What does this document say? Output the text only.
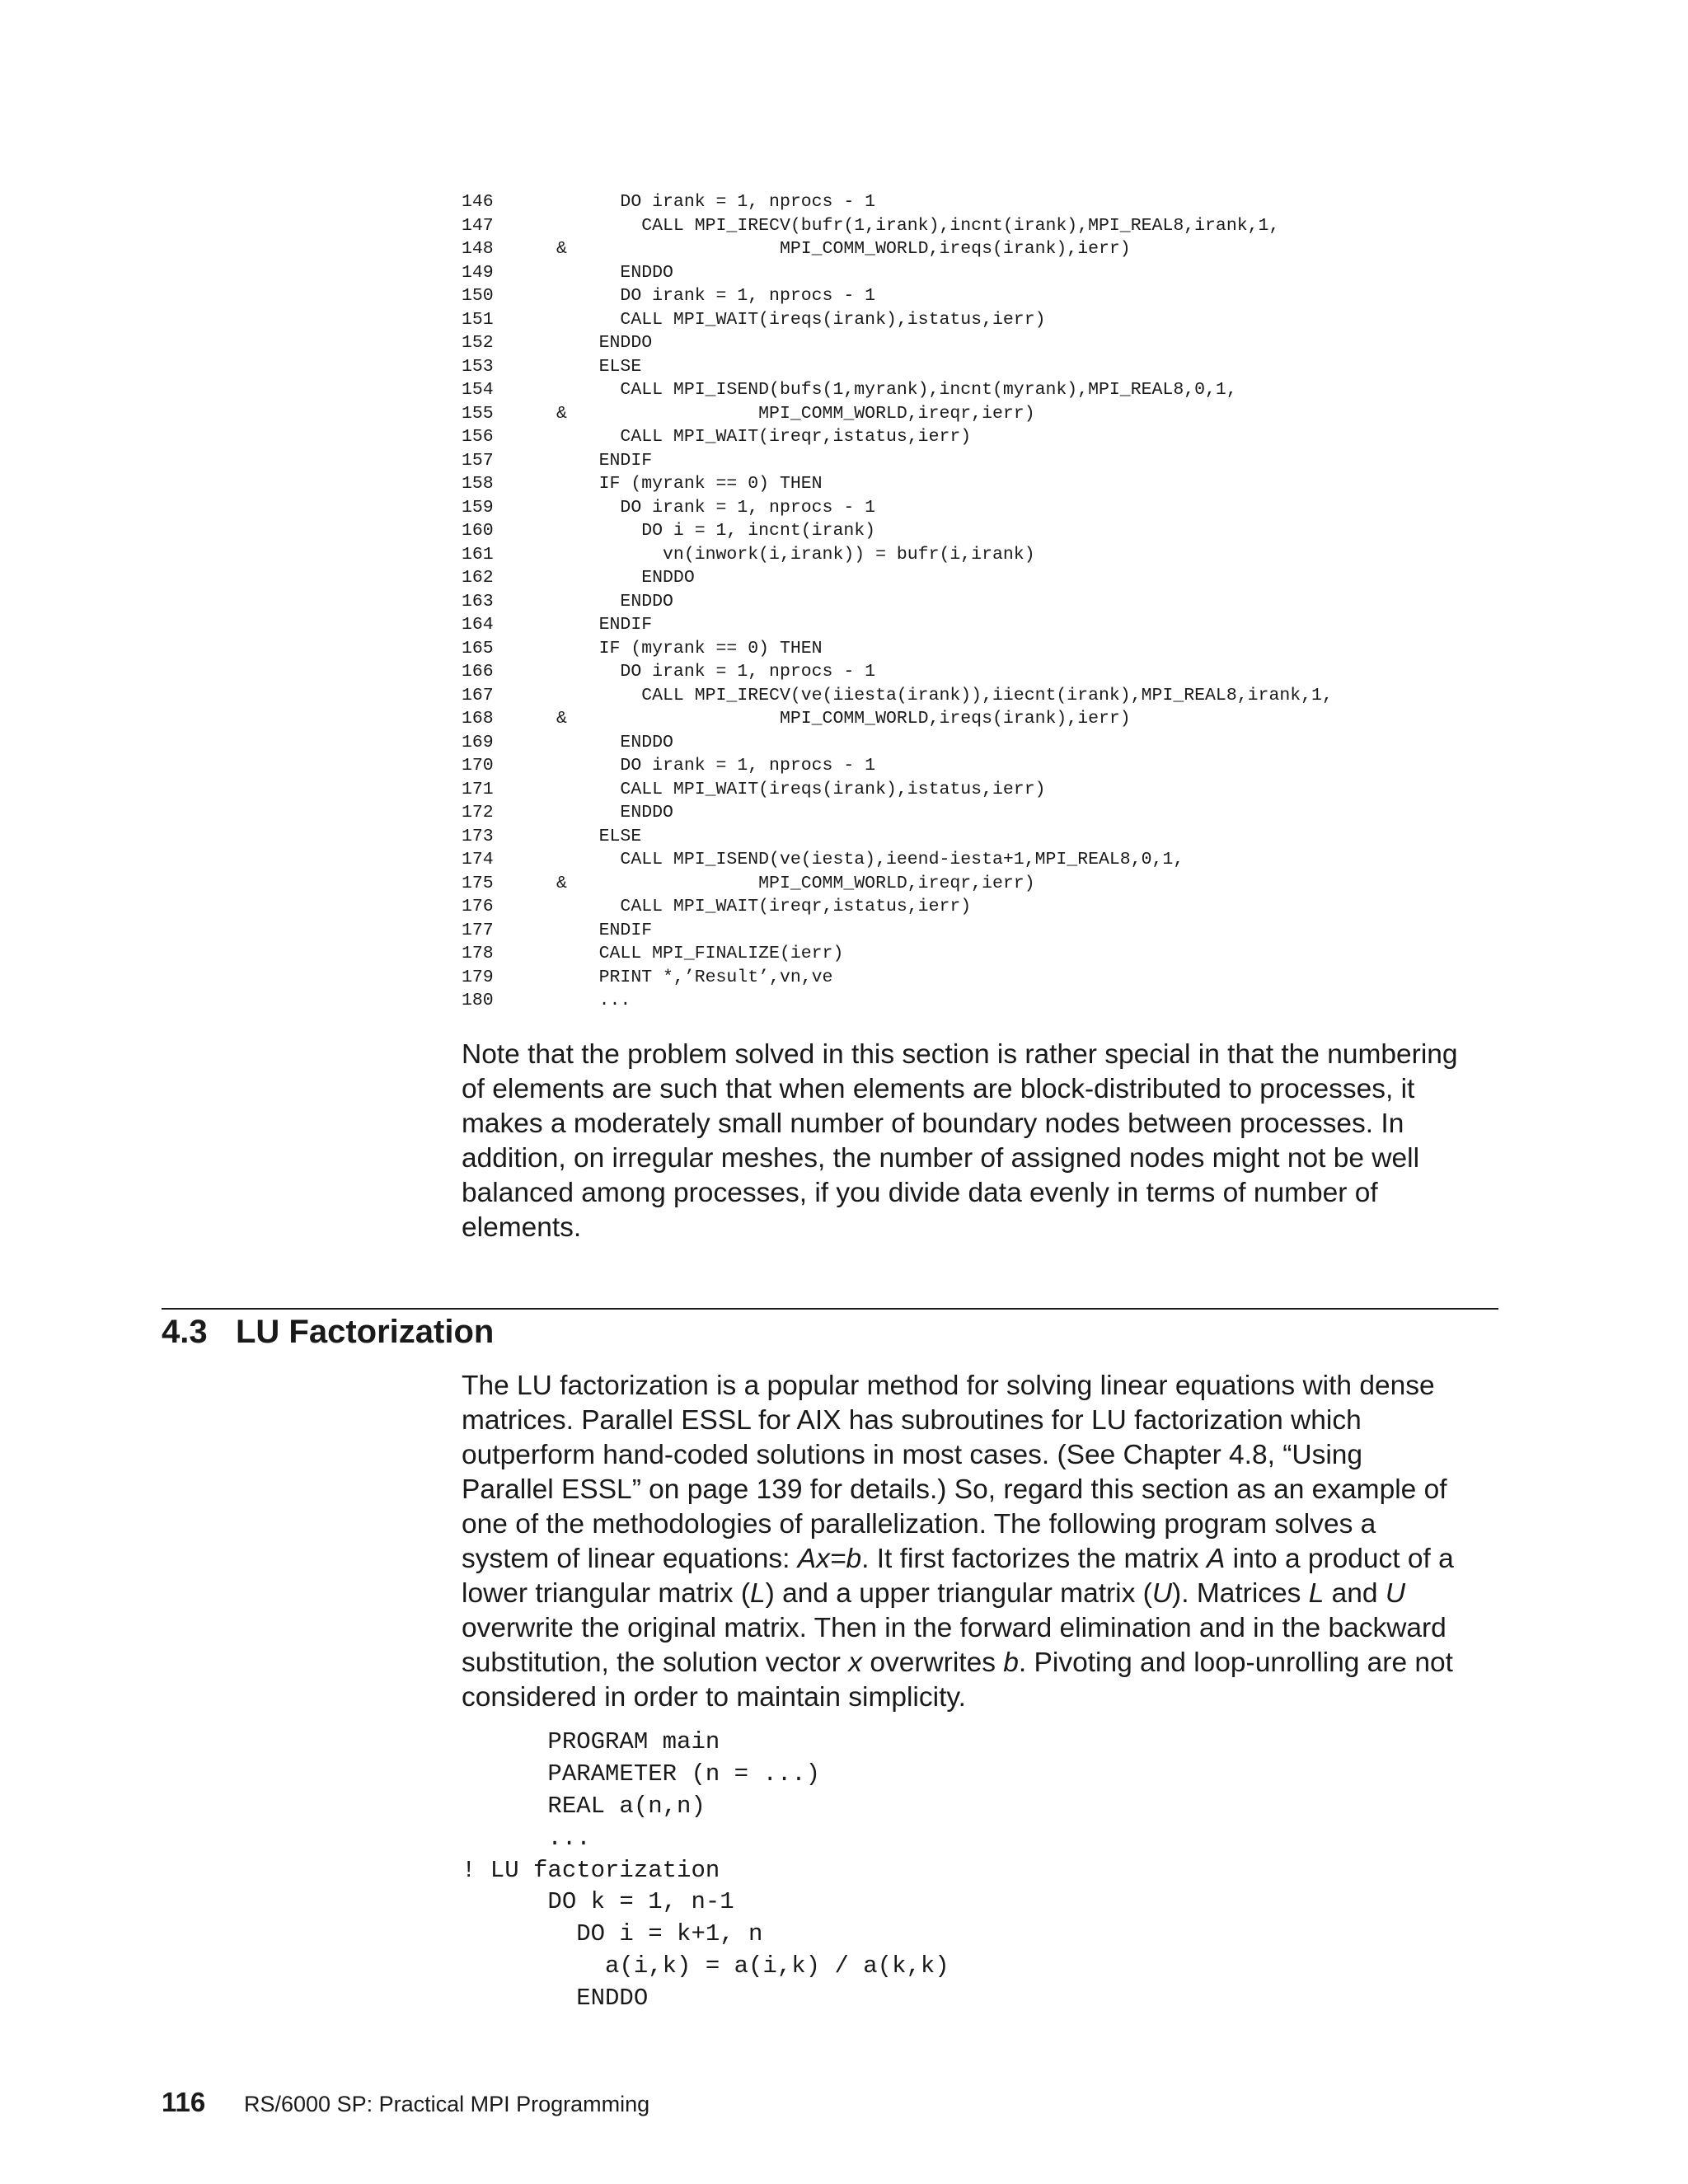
146	DO irank = 1, nprocs - 1
147	CALL MPI_IRECV(bufr(1,irank),incnt(irank),MPI_REAL8,irank,1,
148	&                    MPI_COMM_WORLD,ireqs(irank),ierr)
149	ENDDO
150	DO irank = 1, nprocs - 1
151	CALL MPI_WAIT(ireqs(irank),istatus,ierr)
152	ENDDO
153	ELSE
154	CALL MPI_ISEND(bufs(1,myrank),incnt(myrank),MPI_REAL8,0,1,
155	&                  MPI_COMM_WORLD,ireqr,ierr)
156	CALL MPI_WAIT(ireqr,istatus,ierr)
157	ENDIF
158	IF (myrank == 0) THEN
159	DO irank = 1, nprocs - 1
160	DO i = 1, incnt(irank)
161	vn(inwork(i,irank)) = bufr(i,irank)
162	ENDDO
163	ENDDO
164	ENDIF
165	IF (myrank == 0) THEN
166	DO irank = 1, nprocs - 1
167	CALL MPI_IRECV(ve(iiesta(irank)),iiecnt(irank),MPI_REAL8,irank,1,
168	&                    MPI_COMM_WORLD,ireqs(irank),ierr)
169	ENDDO
170	DO irank = 1, nprocs - 1
171	CALL MPI_WAIT(ireqs(irank),istatus,ierr)
172	ENDDO
173	ELSE
174	CALL MPI_ISEND(ve(iesta),ieend-iesta+1,MPI_REAL8,0,1,
175	&                  MPI_COMM_WORLD,ireqr,ierr)
176	CALL MPI_WAIT(ireqr,istatus,ierr)
177	ENDIF
178	CALL MPI_FINALIZE(ierr)
179	PRINT *,’Result’,vn,ve
180	...

Note that the problem solved in this section is rather special in that the numbering

of elements are such that when elements are block-distributed to processes, it

makes a moderately small number of boundary nodes between processes. In

addition, on irregular meshes, the number of assigned nodes might not be well

balanced among processes, if you divide data evenly in terms of number of

elements.

4.3 LU Factorization

The LU factorization is a popular method for solving linear equations with dense

matrices. Parallel ESSL for AIX has subroutines for LU factorization which

outperform hand-coded solutions in most cases. (See Chapter 4.8, “Using

Parallel ESSL” on page 139 for details.) So, regard this section as an example of

one of the methodologies of parallelization. The following program solves a

system of linear equations: Ax=b. It first factorizes the matrix A into a product of a

lower triangular matrix (L) and a upper triangular matrix (U). Matrices L and U

overwrite the original matrix. Then in the forward elimination and in the backward

substitution, the solution vector x overwrites b. Pivoting and loop-unrolling are not

considered in order to maintain simplicity.

PROGRAM main
PARAMETER (n = ...)
REAL a(n,n)
...
! LU factorization
DO k = 1, n-1
DO i = k+1, n
a(i,k) = a(i,k) / a(k,k)
ENDDO
116 RS/6000 SP: Practical MPI Programming
